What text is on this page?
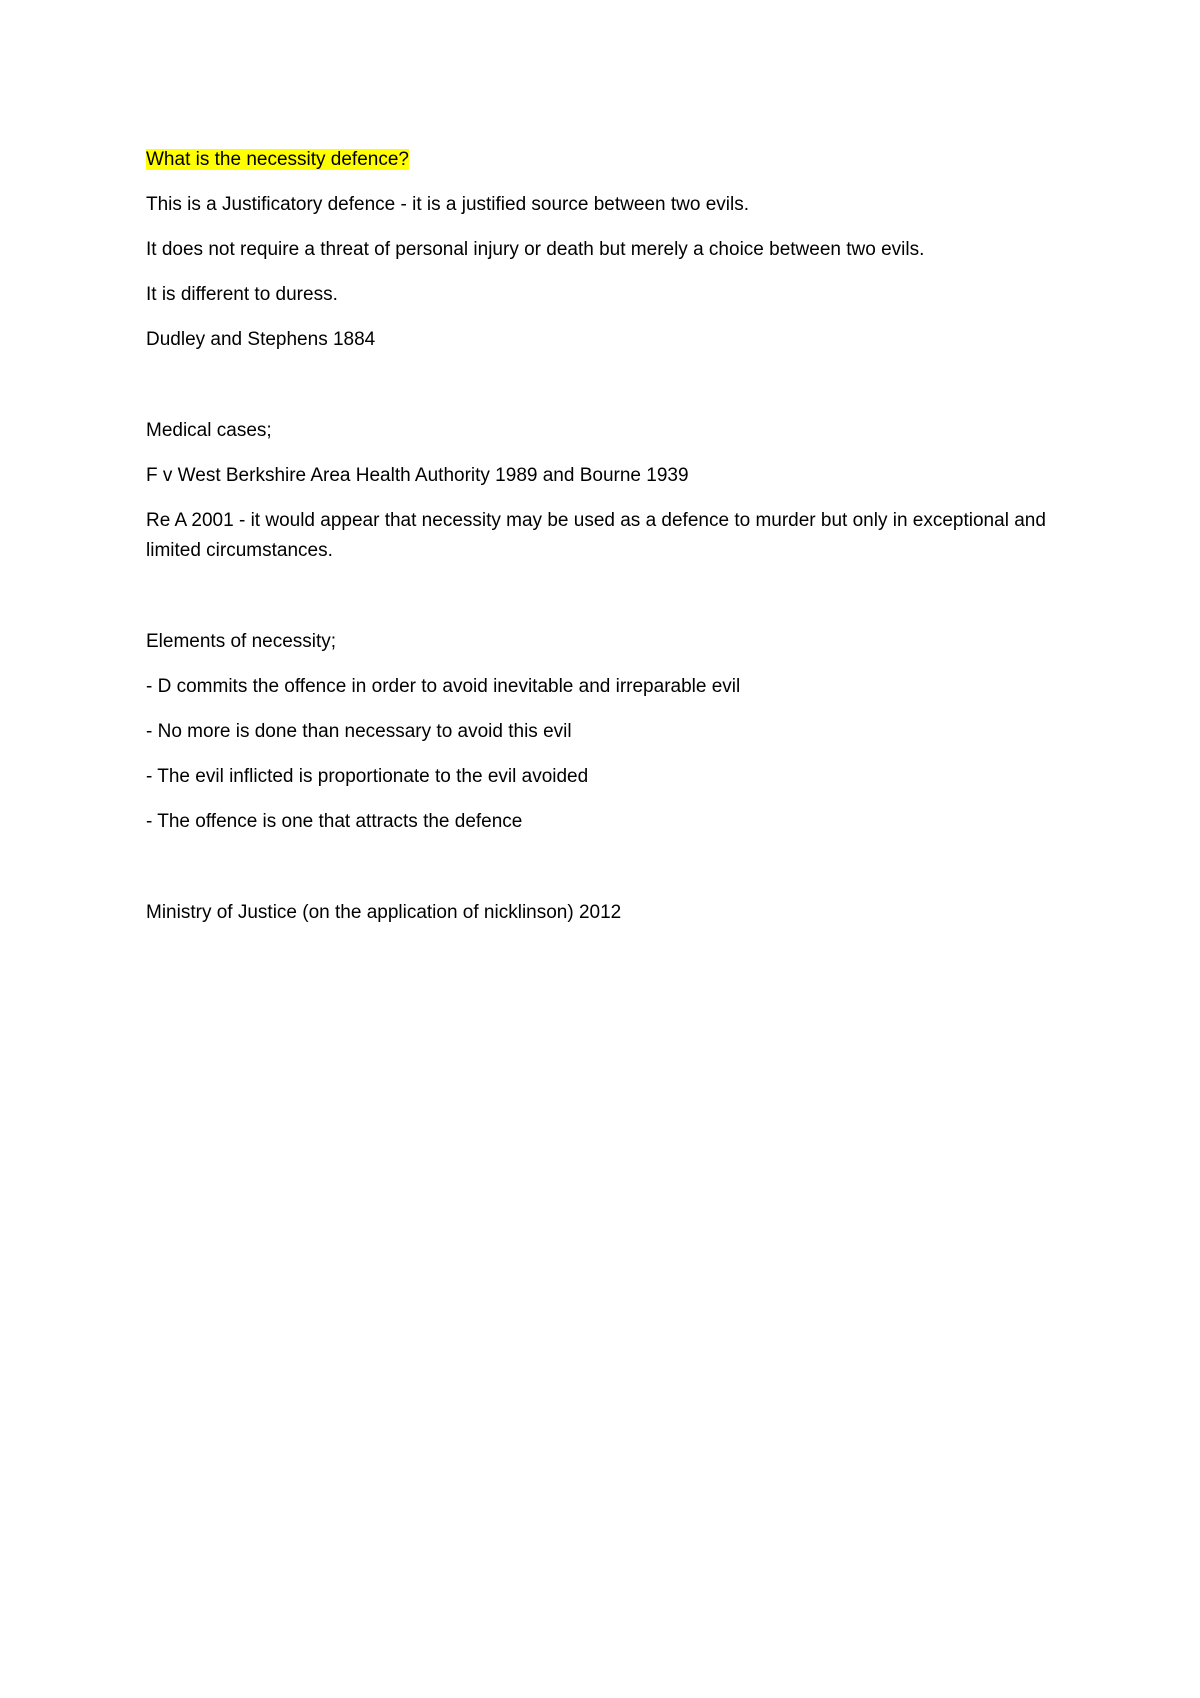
What is the necessity defence?

This is a Justificatory defence - it is a justified source between two evils.

It does not require a threat of personal injury or death but merely a choice between two evils.

It is different to duress.

Dudley and Stephens 1884

Medical cases;

F v West Berkshire Area Health Authority 1989 and Bourne 1939

Re A 2001 - it would appear that necessity may be used as a defence to murder but only in exceptional and limited circumstances.

Elements of necessity;

- D commits the offence in order to avoid inevitable and irreparable evil

- No more is done than necessary to avoid this evil

- The evil inflicted is proportionate to the evil avoided

- The offence is one that attracts the defence

Ministry of Justice (on the application of nicklinson) 2012
